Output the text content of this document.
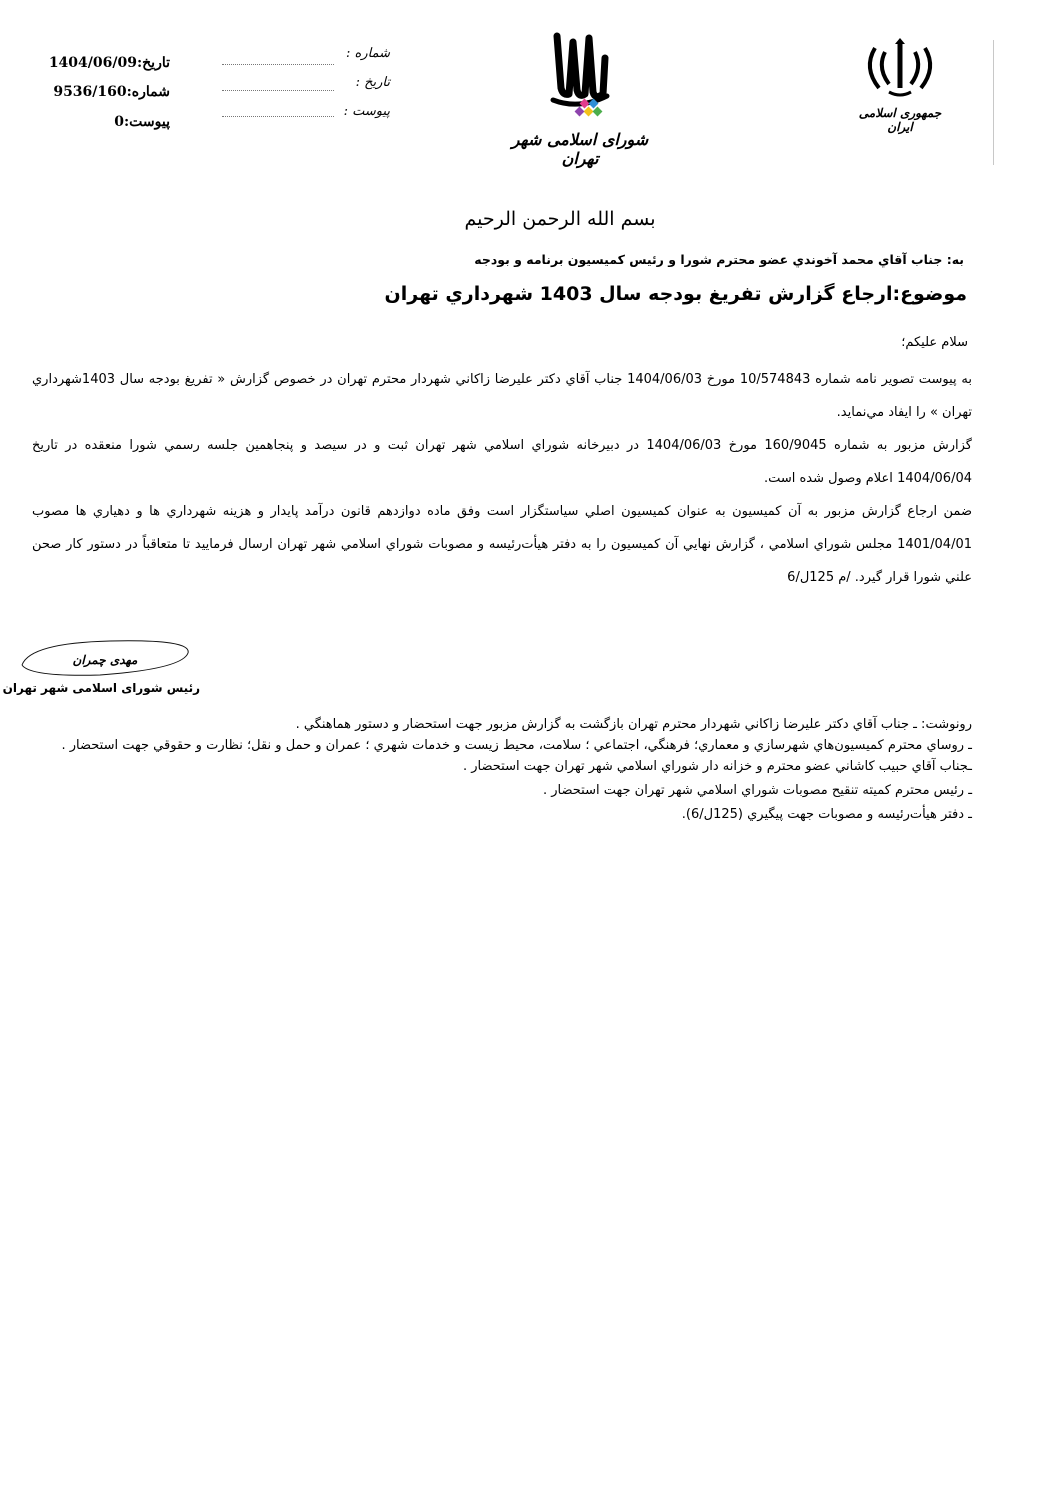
تاریخ:1404/06/09
شماره:9536/160
پیوست:0
شماره :
تاریخ :
پیوست :
شورای اسلامی شهر تهران
جمهوری اسلامی ایران
بسم الله الرحمن الرحیم
به: جناب آقاي محمد آخوندي عضو محترم شورا و رئیس کمیسیون برنامه و بودجه
موضوع:ارجاع گزارش تفریغ بودجه سال 1403 شهرداري تهران
سلام علیکم؛

به پیوست تصویر نامه شماره 10/574843 مورخ 1404/06/03 جناب آقاي دکتر علیرضا زاکاني شهردار محترم تهران در خصوص گزارش « تفریغ بودجه سال 1403شهرداري تهران » را ایفاد مي‌نماید.

گزارش مزبور به شماره 160/9045 مورخ 1404/06/03 در دبیرخانه شوراي اسلامي شهر تهران ثبت و در سیصد و پنجاهمین جلسه رسمي شورا منعقده در تاریخ 1404/06/04 اعلام وصول شده است.

ضمن ارجاع گزارش مزبور به آن کمیسیون به عنوان کمیسیون اصلي سیاستگزار است وفق ماده دوازدهم قانون درآمد پایدار و هزینه شهرداري ها و دهیاري ها مصوب 1401/04/01 مجلس شوراي اسلامي ، گزارش نهایي آن کمیسیون را به دفتر هیأت‌رئیسه و مصوبات شوراي اسلامي شهر تهران ارسال فرمایید تا متعاقباً در دستور کار صحن علني شورا قرار گیرد. /م 125ل/6

مهدی چمران
رئیس شورای اسلامی شهر تهران

رونوشت: ـ جناب آقاي دکتر علیرضا زاکاني شهردار محترم تهران بازگشت به گزارش مزبور جهت استحضار و دستور هماهنگي .

ـ روساي محترم کمیسیون‌هاي شهرسازي و معماري؛ فرهنگي، اجتماعي ؛ سلامت، محیط زیست و خدمات شهري ؛ عمران و حمل و نقل؛ نظارت و حقوقي جهت استحضار .

ـجناب آقاي حبیب کاشاني عضو محترم و خزانه دار شوراي اسلامي شهر تهران جهت استحضار .

ـ رئیس محترم کمیته تنقیح مصوبات شوراي اسلامي شهر تهران جهت استحضار .

ـ دفتر هیأت‌رئیسه و مصوبات جهت پیگیري (125ل/6).
